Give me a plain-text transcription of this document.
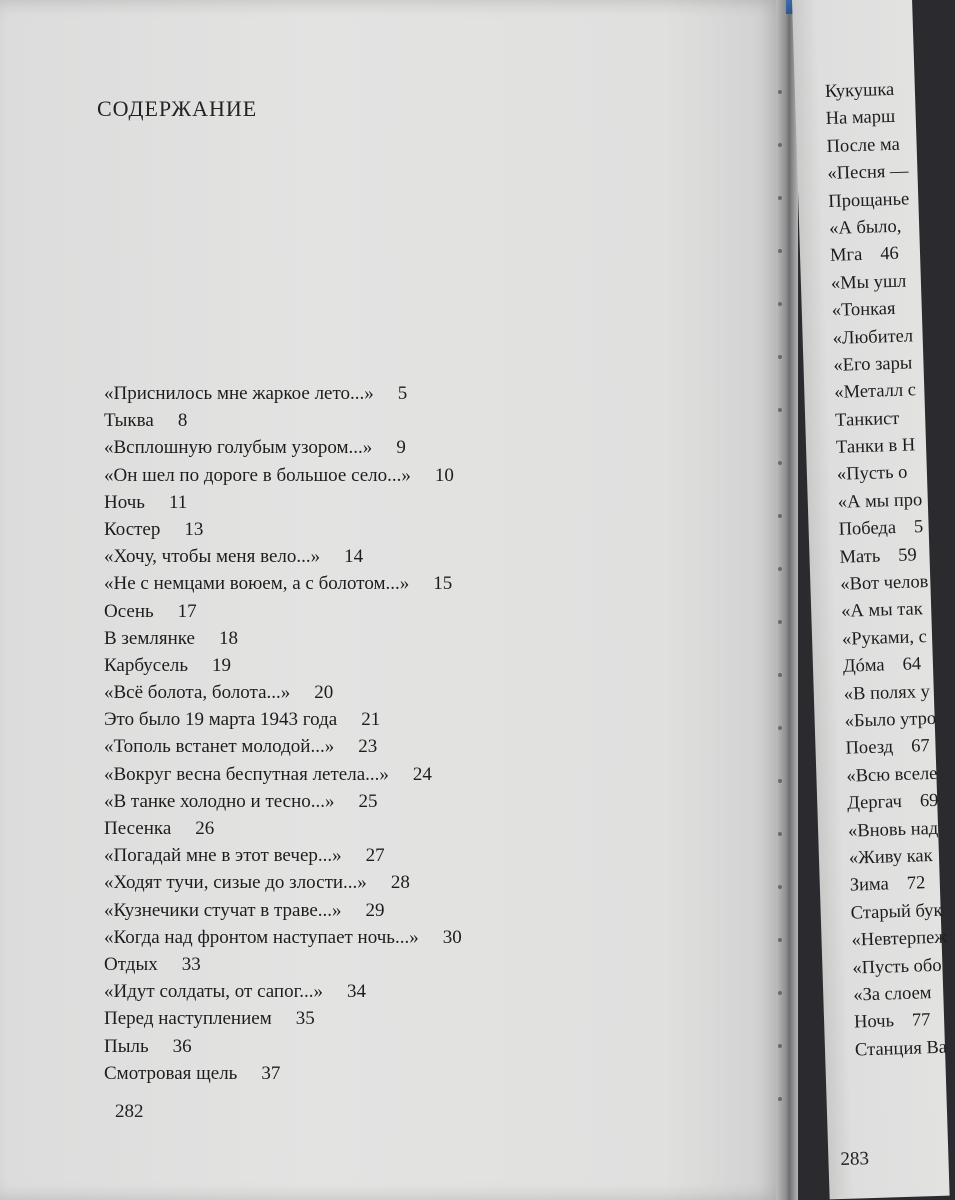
СОДЕРЖАНИЕ
«Приснилось мне жаркое лето...» 5
Тыква 8
«Всплошную голубым узором...» 9
«Он шел по дороге в большое село...» 10
Ночь 11
Костер 13
«Хочу, чтобы меня вело...» 14
«Не с немцами воюем, а с болотом...» 15
Осень 17
В землянке 18
Карбусель 19
«Всё болота, болота...» 20
Это было 19 марта 1943 года 21
«Тополь встанет молодой...» 23
«Вокруг весна беспутная летела...» 24
«В танке холодно и тесно...» 25
Песенка 26
«Погадай мне в этот вечер...» 27
«Ходят тучи, сизые до злости...» 28
«Кузнечики стучат в траве...» 29
«Когда над фронтом наступает ночь...» 30
Отдых 33
«Идут солдаты, от сапог...» 34
Перед наступлением 35
Пыль 36
Смотровая щель 37
282
Кукушка
На марш
После ма
«Песня —
Прощанье
«А было,
Мга 46
«Мы ушл
«Тонкая
«Любител
«Его зары
«Металл с
Танкист
Танки в Н
«Пусть о
«А мы про
Победа 5
Мать 59
«Вот челов
«А мы так
«Руками, с
Дóма 64
«В полях у
«Было утро
Поезд 67
«Всю вселе
Дергач 69
«Вновь над
«Живу как
Зима 72
Старый бук
«Невтерпеж
«Пусть обо
«За слоем
Ночь 77
Станция Ва
283
